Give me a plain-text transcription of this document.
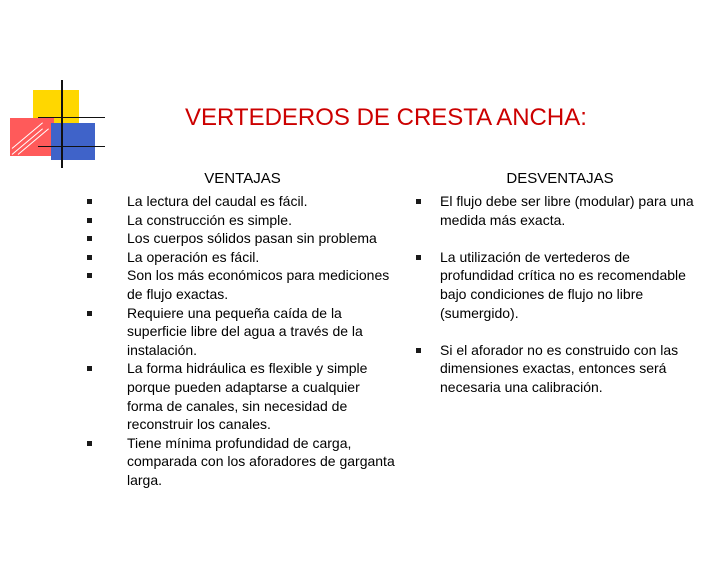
VERTEDEROS DE CRESTA ANCHA:
VENTAJAS	DESVENTAJAS
La lectura del caudal es fácil.
La construcción es simple.
Los cuerpos sólidos pasan sin problema
La operación es fácil.
Son los más económicos para mediciones de flujo exactas.
Requiere una pequeña caída de la superficie libre del agua a través de la instalación.
La forma hidráulica es flexible y simple porque pueden adaptarse a cualquier forma de canales, sin necesidad de reconstruir los canales.
Tiene mínima profundidad de carga, comparada con los aforadores de garganta larga.
El flujo debe ser libre (modular) para una medida más exacta.
La utilización de vertederos de profundidad crítica no es recomendable bajo condiciones de flujo no libre (sumergido).
Si el aforador no es construido con las dimensiones exactas, entonces será necesaria una calibración.
